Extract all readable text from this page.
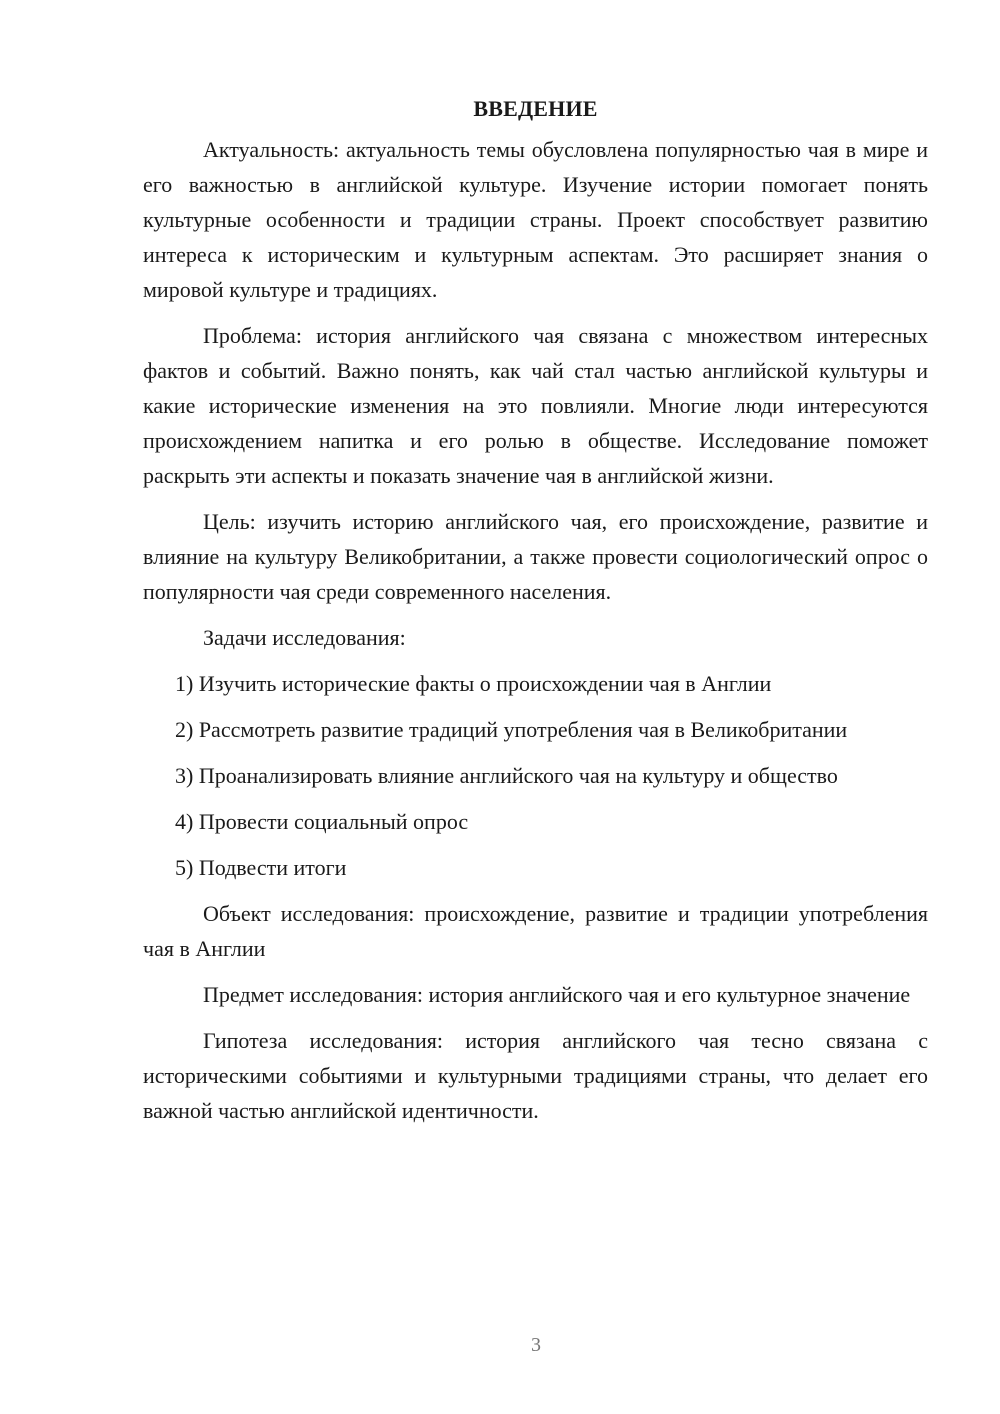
ВВЕДЕНИЕ

Актуальность: актуальность темы обусловлена популярностью чая в мире и его важностью в английской культуре. Изучение истории помогает понять культурные особенности и традиции страны. Проект способствует развитию интереса к историческим и культурным аспектам. Это расширяет знания о мировой культуре и традициях.

Проблема: история английского чая связана с множеством интересных фактов и событий. Важно понять, как чай стал частью английской культуры и какие исторические изменения на это повлияли. Многие люди интересуются происхождением напитка и его ролью в обществе. Исследование поможет раскрыть эти аспекты и показать значение чая в английской жизни.

Цель: изучить историю английского чая, его происхождение, развитие и влияние на культуру Великобритании, а также провести социологический опрос о популярности чая среди современного населения.

Задачи исследования:

1) Изучить исторические факты о происхождении чая в Англии

2) Рассмотреть развитие традиций употребления чая в Великобритании

3) Проанализировать влияние английского чая на культуру и общество

4) Провести социальный опрос

5) Подвести итоги

Объект исследования: происхождение, развитие и традиции употребления чая в Англии

Предмет исследования: история английского чая и его культурное значение

Гипотеза исследования: история английского чая тесно связана с историческими событиями и культурными традициями страны, что делает его важной частью английской идентичности.

3
